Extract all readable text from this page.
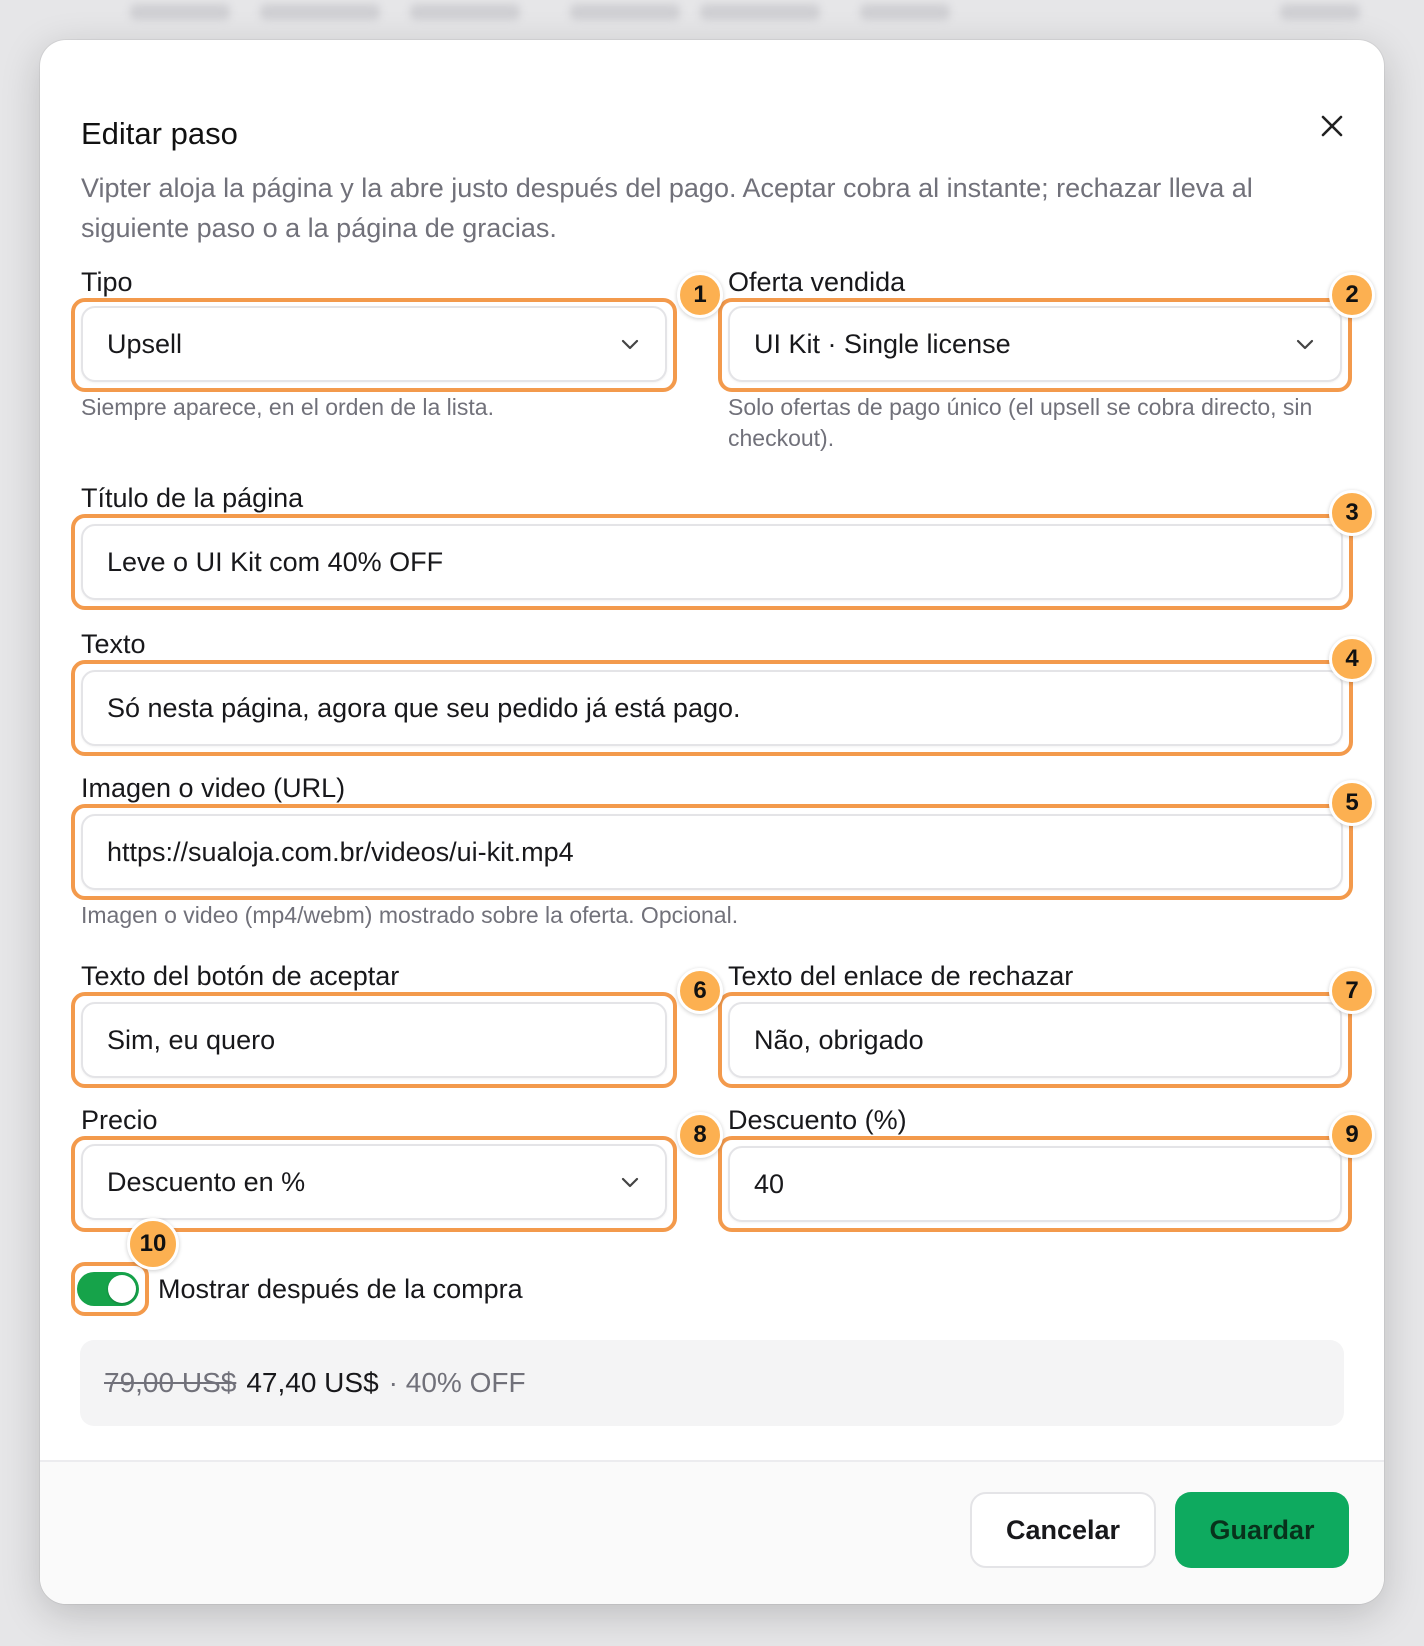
Editar paso

Vipter aloja la página y la abre justo después del pago. Aceptar cobra al instante; rechazar lleva al siguiente paso o a la página de gracias.

Tipo
Upsell
Siempre aparece, en el orden de la lista.
Oferta vendida
UI Kit · Single license
Solo ofertas de pago único (el upsell se cobra directo, sin checkout).
Título de la página
Leve o UI Kit com 40% OFF
Texto
Só nesta página, agora que seu pedido já está pago.
Imagen o video (URL)
https://sualoja.com.br/videos/ui-kit.mp4
Imagen o video (mp4/webm) mostrado sobre la oferta. Opcional.
Texto del botón de aceptar
Sim, eu quero
Texto del enlace de rechazar
Não, obrigado
Precio
Descuento en %
Descuento (%)
40
Mostrar después de la compra
79,00 US$ 47,40 US$ · 40% OFF
1	2
3
4
5
6	7
8	9
10
Cancelar	Guardar
